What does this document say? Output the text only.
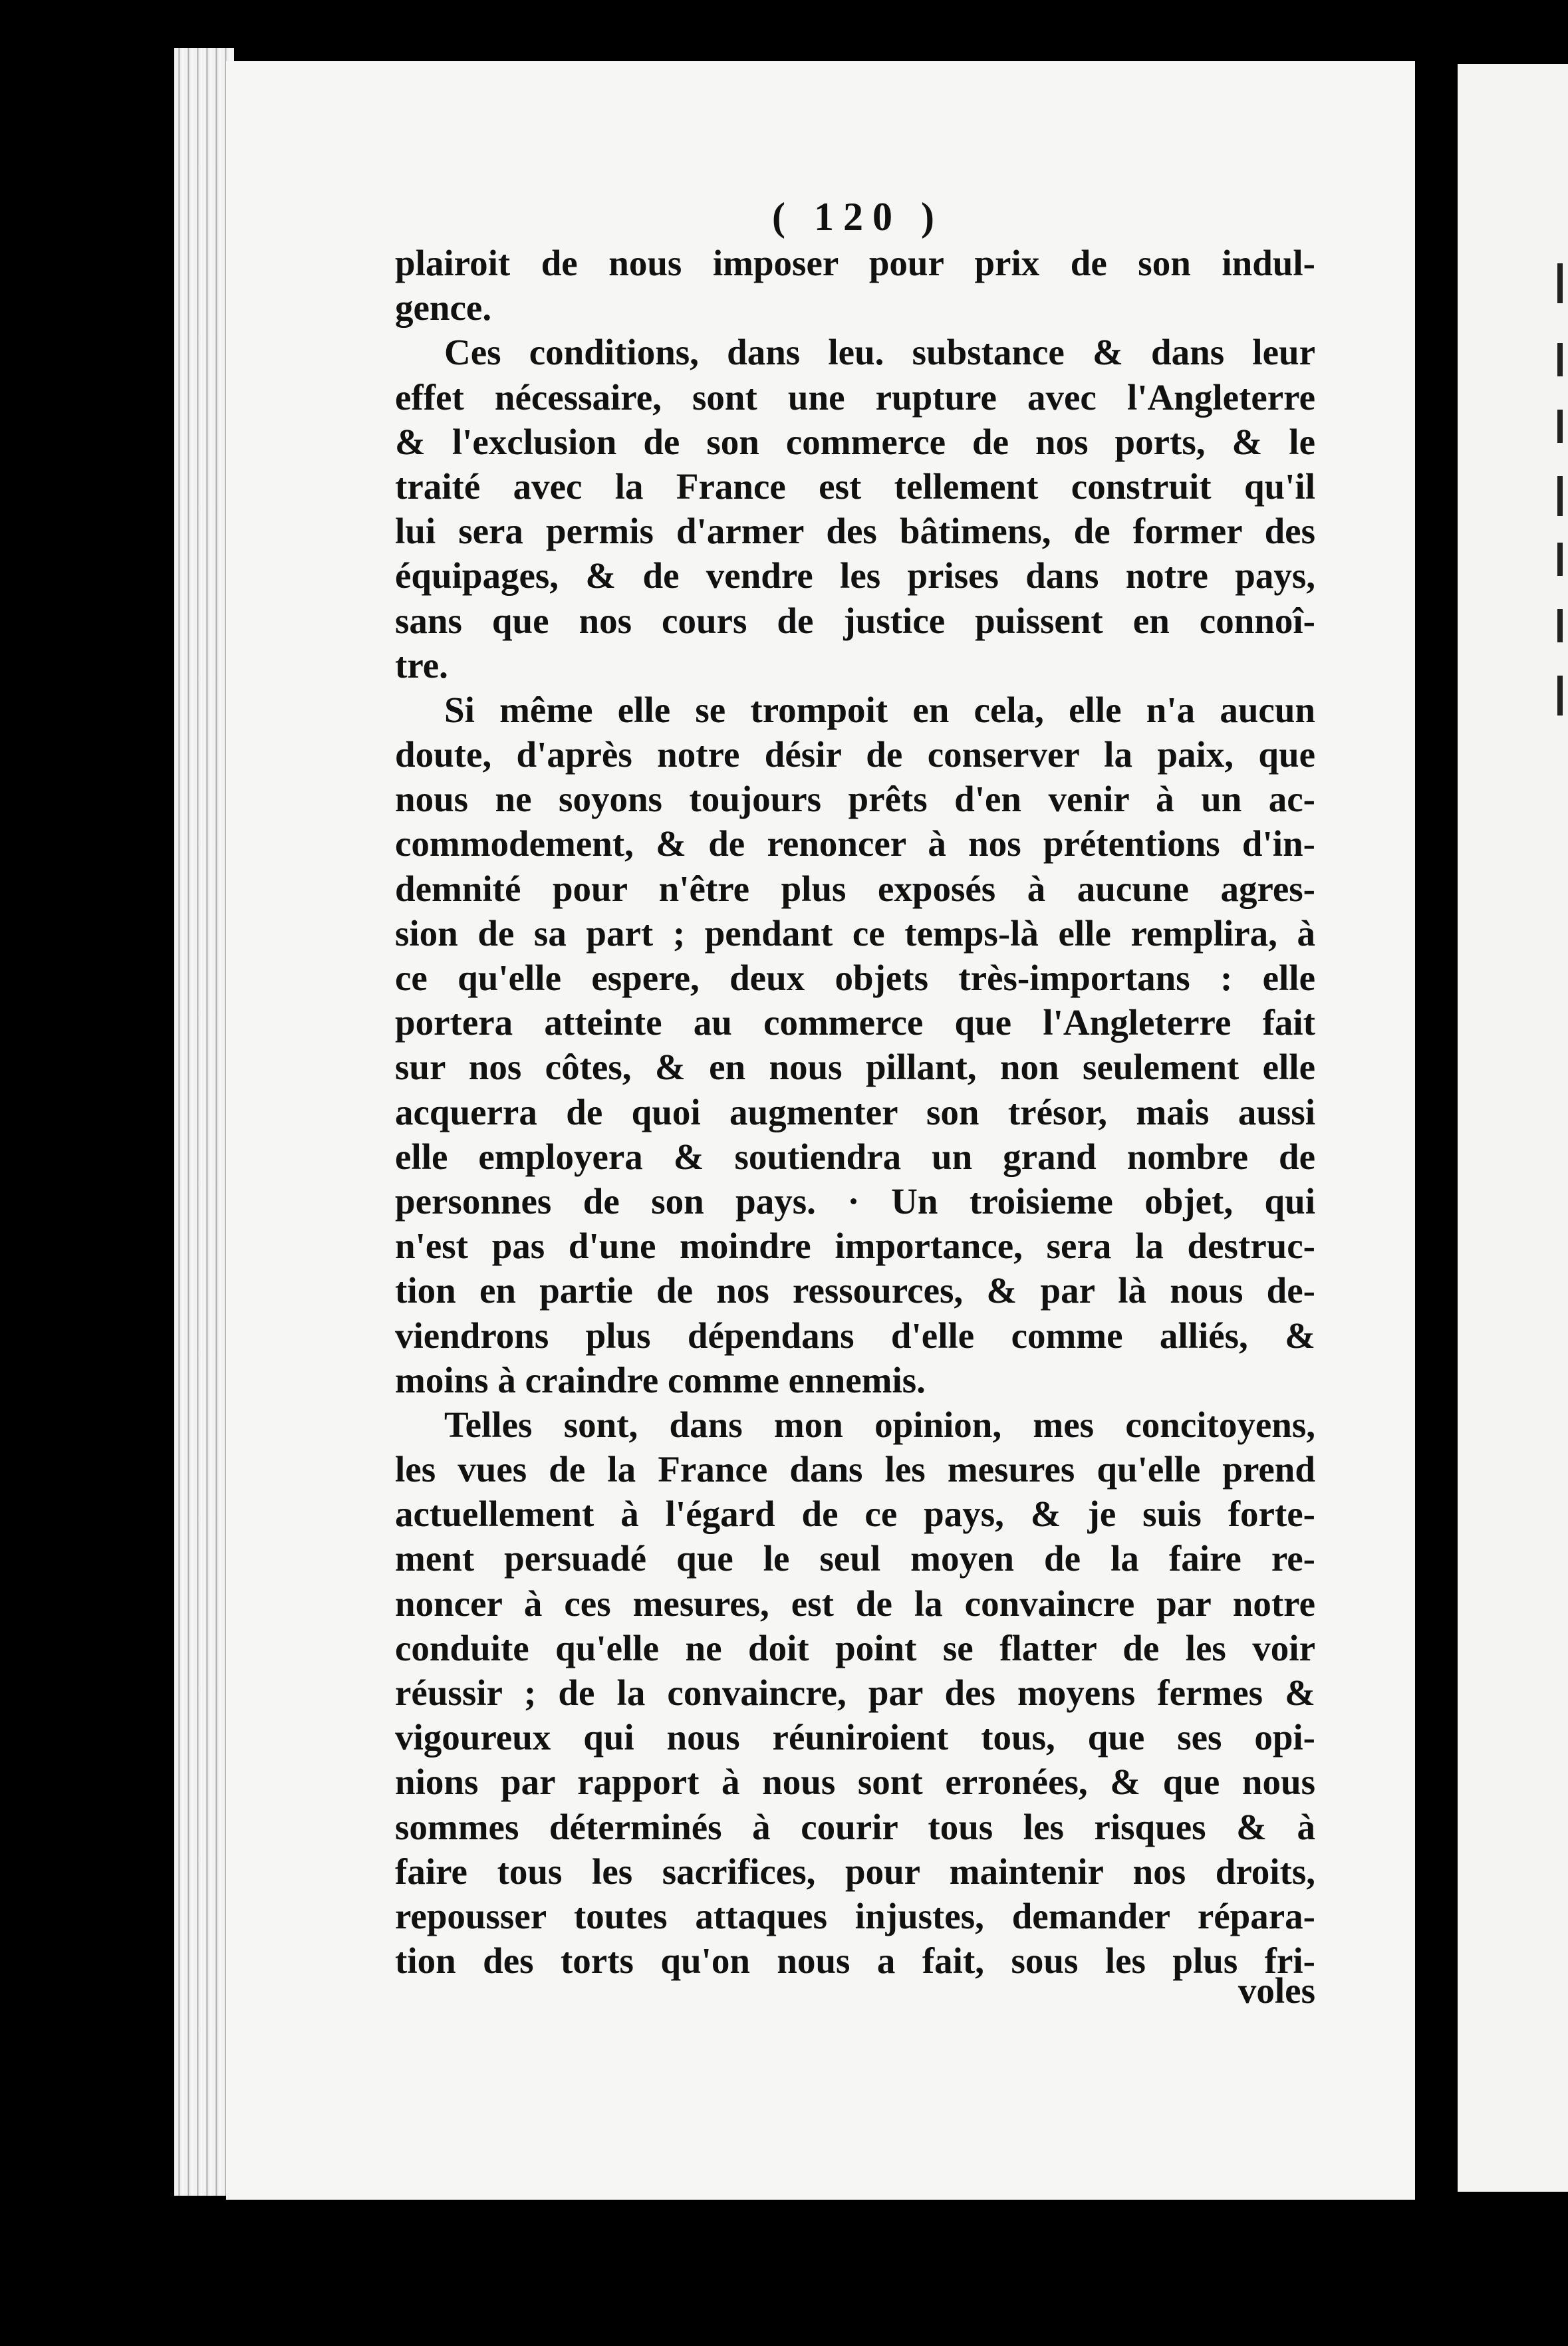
( 120 )
plairoit de nous imposer pour prix de son indul-
gence.
Ces conditions, dans leu. substance & dans leur
effet nécessaire, sont une rupture avec l'Angleterre
& l'exclusion de son commerce de nos ports, & le
traité avec la France est tellement construit qu'il
lui sera permis d'armer des bâtimens, de former des
équipages, & de vendre les prises dans notre pays,
sans que nos cours de justice puissent en connoî-
tre.
Si même elle se trompoit en cela, elle n'a aucun
doute, d'après notre désir de conserver la paix, que
nous ne soyons toujours prêts d'en venir à un ac-
commodement, & de renoncer à nos prétentions d'in-
demnité pour n'être plus exposés à aucune agres-
sion de sa part ; pendant ce temps-là elle remplira, à
ce qu'elle espere, deux objets très-importans : elle
portera atteinte au commerce que l'Angleterre fait
sur nos côtes, & en nous pillant, non seulement elle
acquerra de quoi augmenter son trésor, mais aussi
elle employera & soutiendra un grand nombre de
personnes de son pays. · Un troisieme objet, qui
n'est pas d'une moindre importance, sera la destruc-
tion en partie de nos ressources, & par là nous de-
viendrons plus dépendans d'elle comme alliés, &
moins à craindre comme ennemis.
Telles sont, dans mon opinion, mes concitoyens,
les vues de la France dans les mesures qu'elle prend
actuellement à l'égard de ce pays, & je suis forte-
ment persuadé que le seul moyen de la faire re-
noncer à ces mesures, est de la convaincre par notre
conduite qu'elle ne doit point se flatter de les voir
réussir ; de la convaincre, par des moyens fermes &
vigoureux qui nous réuniroient tous, que ses opi-
nions par rapport à nous sont erronées, & que nous
sommes déterminés à courir tous les risques & à
faire tous les sacrifices, pour maintenir nos droits,
repousser toutes attaques injustes, demander répara-
tion des torts qu'on nous a fait, sous les plus fri-
voles
